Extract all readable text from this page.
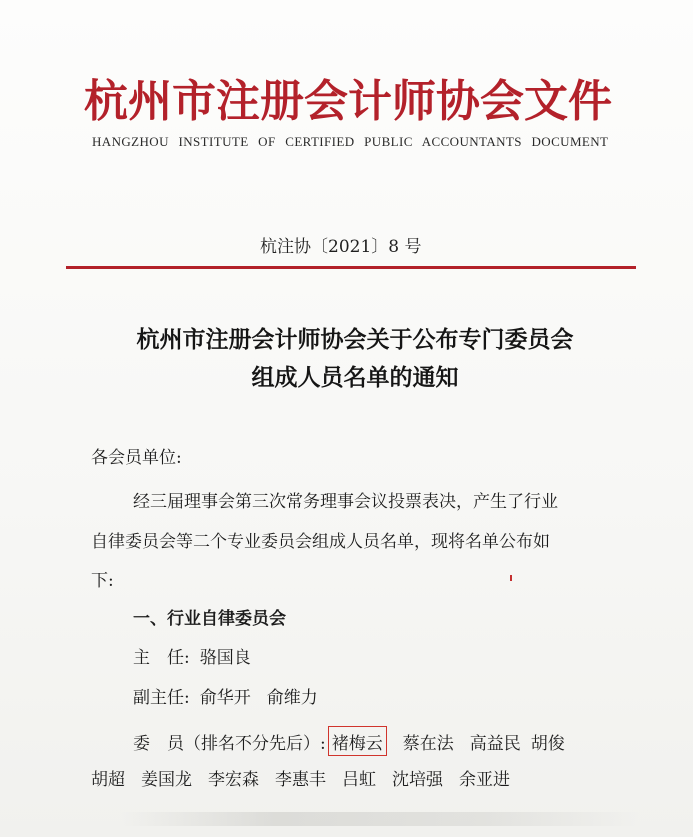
杭州市注册会计师协会文件
HANGZHOU INSTITUTE OF CERTIFIED PUBLIC ACCOUNTANTS DOCUMENT
杭注协〔2021〕8 号
杭州市注册会计师协会关于公布专门委员会
组成人员名单的通知
各会员单位:
经三届理事会第三次常务理事会议投票表决，产生了行业
自律委员会等二个专业委员会组成人员名单，现将名单公布如
下:
一、行业自律委员会
主　任: 骆国良
副主任: 俞华开 俞维力
委　员（排名不分先后）: 褚梅云 蔡在法 高益民 胡俊
胡超 姜国龙 李宏森 李惠丰 吕虹 沈培强 余亚进
